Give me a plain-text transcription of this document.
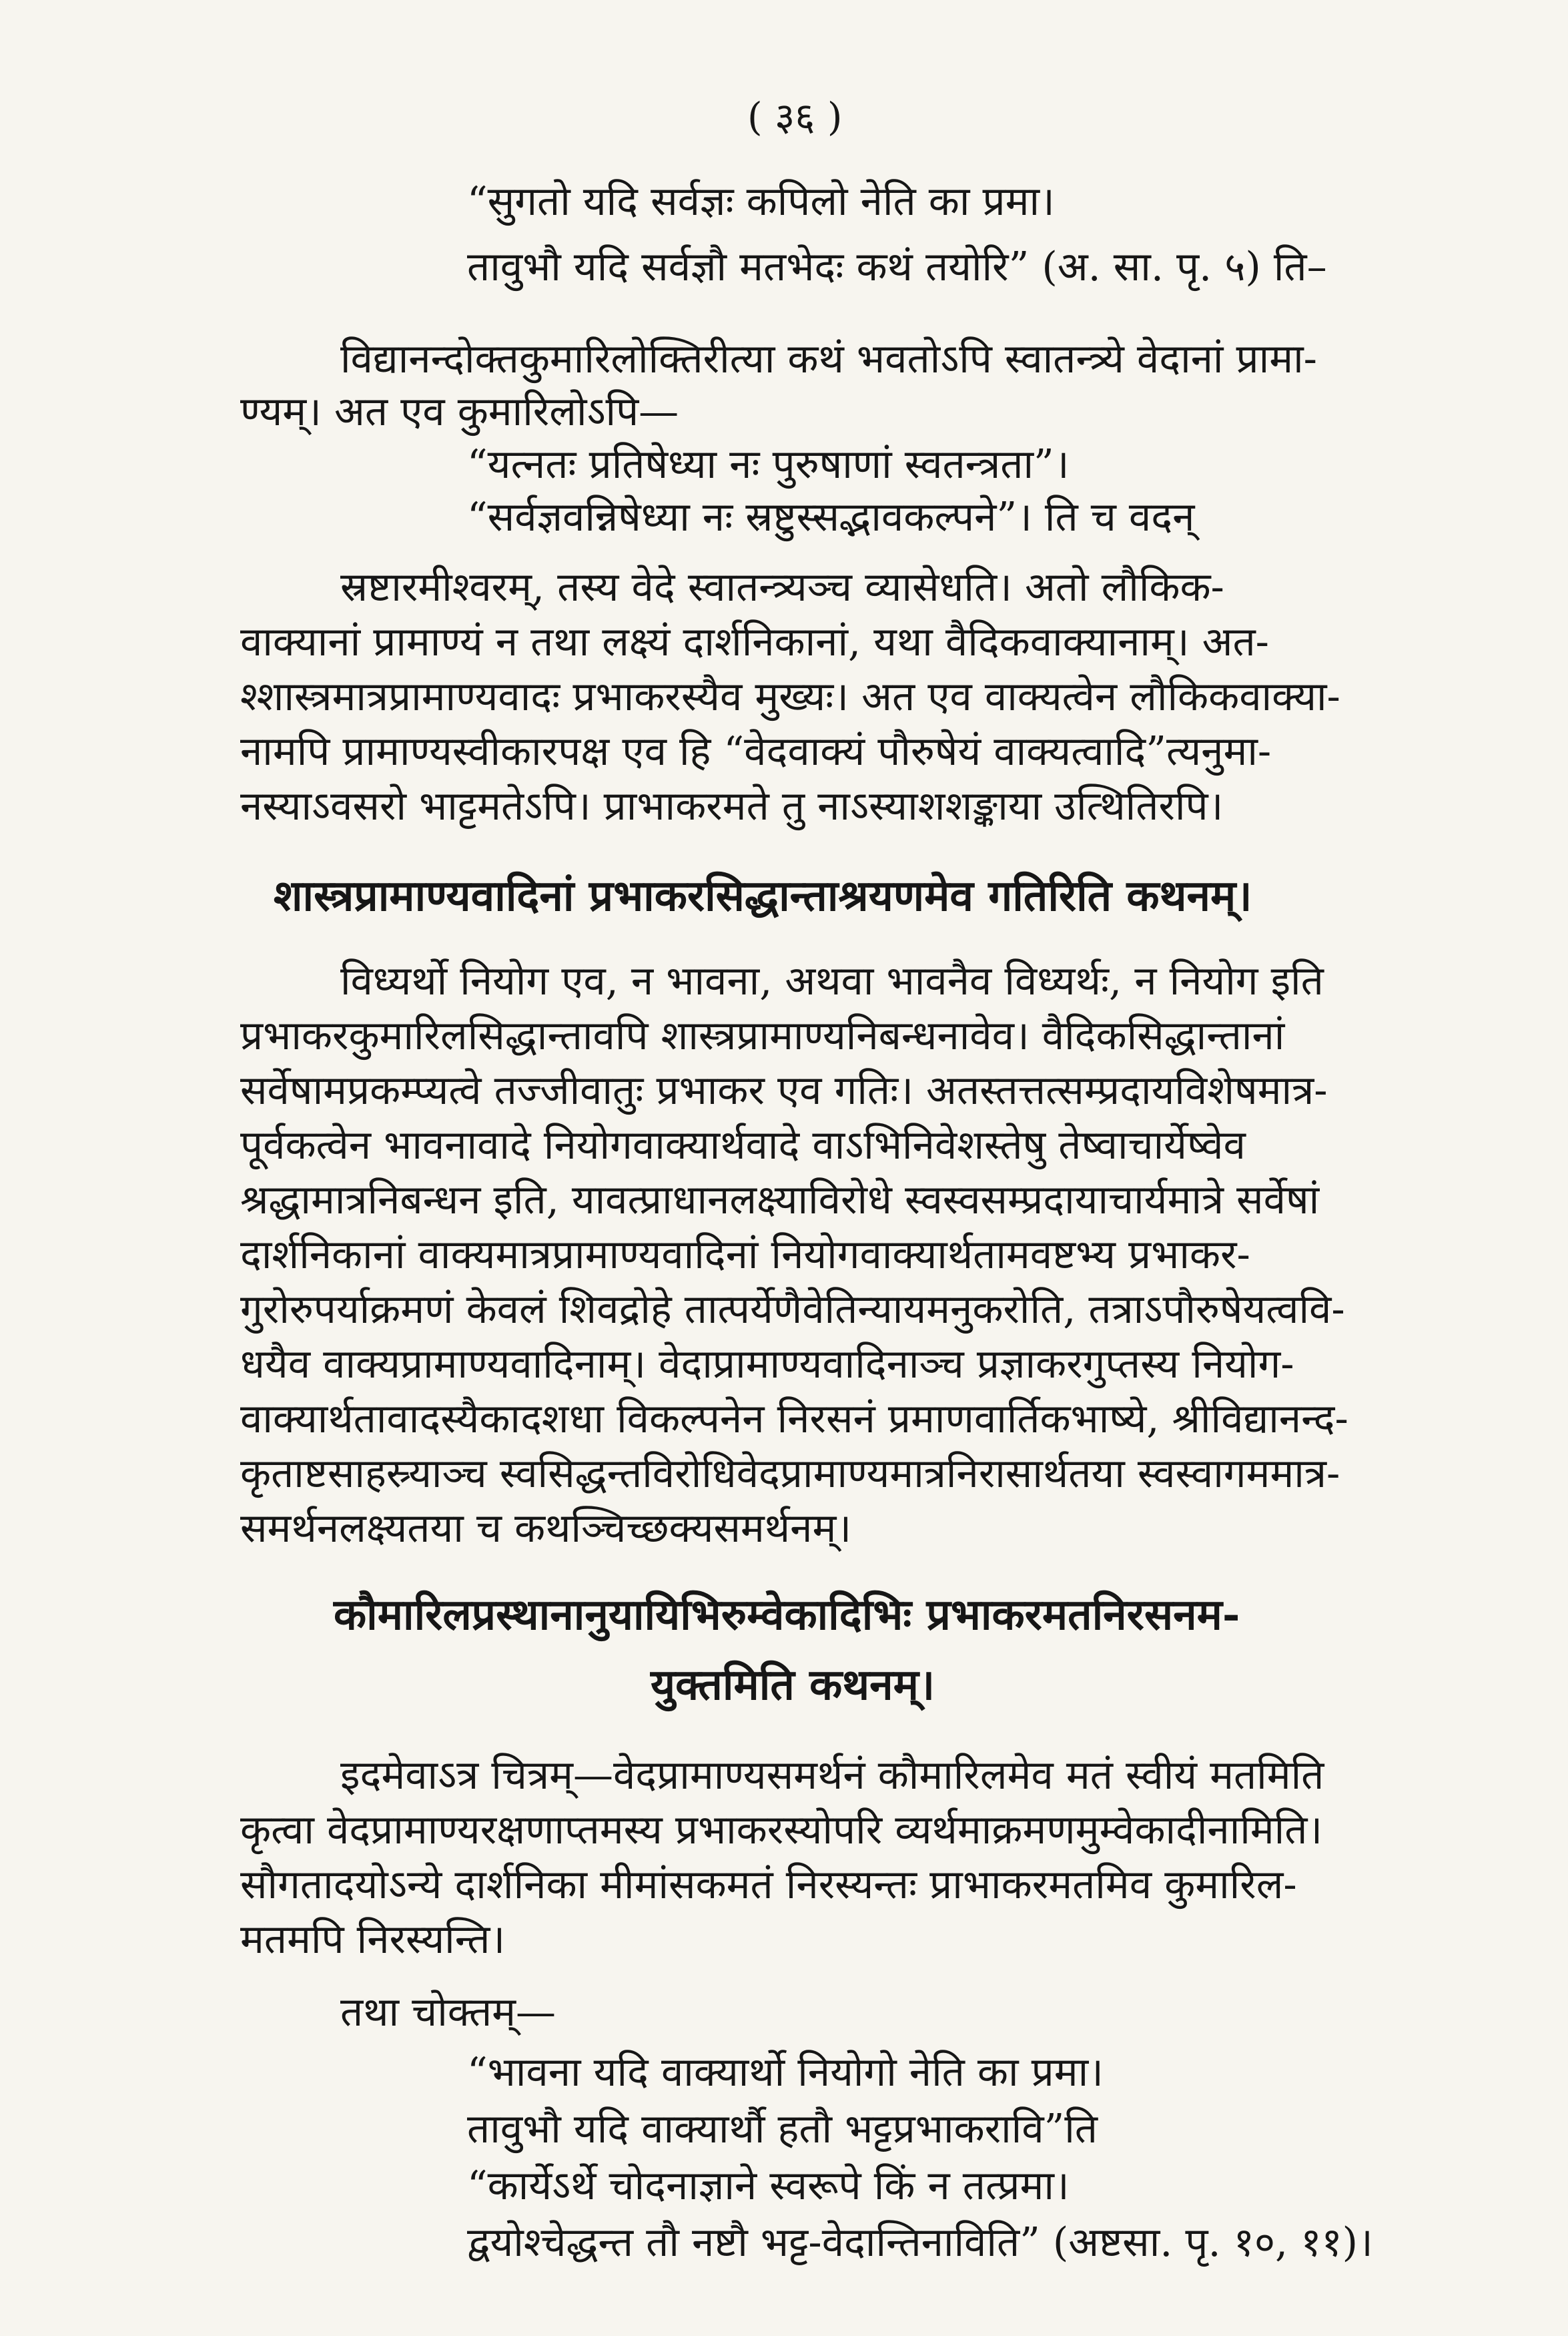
( ३६ )
“सुगतो यदि सर्वज्ञः कपिलो नेति का प्रमा।
तावुभौ यदि सर्वज्ञौ मतभेदः कथं तयोरि” (अ. सा. पृ. ५) ति–
विद्यानन्दोक्तकुमारिलोक्तिरीत्या कथं भवतोऽपि स्वातन्त्र्ये वेदानां प्रामा-
ण्यम्। अत एव कुमारिलोऽपि—
“यत्नतः प्रतिषेध्या नः पुरुषाणां स्वतन्त्रता”।
“सर्वज्ञवन्निषेध्या नः स्रष्टुस्सद्भावकल्पने”। ति च वदन्
स्रष्टारमीश्वरम्, तस्य वेदे स्वातन्त्र्यञ्च व्यासेधति। अतो लौकिक-
वाक्यानां प्रामाण्यं न तथा लक्ष्यं दार्शनिकानां, यथा वैदिकवाक्यानाम्। अत-
श्शास्त्रमात्रप्रामाण्यवादः प्रभाकरस्यैव मुख्यः। अत एव वाक्यत्वेन लौकिकवाक्या-
नामपि प्रामाण्यस्वीकारपक्ष एव हि “वेदवाक्यं पौरुषेयं वाक्यत्वादि”त्यनुमा-
नस्याऽवसरो भाट्टमतेऽपि। प्राभाकरमते तु नाऽस्याशशङ्काया उत्थितिरपि।
शास्त्रप्रामाण्यवादिनां प्रभाकरसिद्धान्ताश्रयणमेव गतिरिति कथनम्।
विध्यर्थो नियोग एव, न भावना, अथवा भावनैव विध्यर्थः, न नियोग इति
प्रभाकरकुमारिलसिद्धान्तावपि शास्त्रप्रामाण्यनिबन्धनावेव। वैदिकसिद्धान्तानां
सर्वेषामप्रकम्प्यत्वे तज्जीवातुः प्रभाकर एव गतिः। अतस्तत्तत्सम्प्रदायविशेषमात्र-
पूर्वकत्वेन भावनावादे नियोगवाक्यार्थवादे वाऽभिनिवेशस्तेषु तेष्वाचार्येष्वेव
श्रद्धामात्रनिबन्धन इति, यावत्प्राधानलक्ष्याविरोधे स्वस्वसम्प्रदायाचार्यमात्रे सर्वेषां
दार्शनिकानां वाक्यमात्रप्रामाण्यवादिनां नियोगवाक्यार्थतामवष्टभ्य प्रभाकर-
गुरोरुपर्याक्रमणं केवलं शिवद्रोहे तात्पर्येणैवेतिन्यायमनुकरोति, तत्राऽपौरुषेयत्ववि-
धयैव वाक्यप्रामाण्यवादिनाम्। वेदाप्रामाण्यवादिनाञ्च प्रज्ञाकरगुप्तस्य नियोग-
वाक्यार्थतावादस्यैकादशधा विकल्पनेन निरसनं प्रमाणवार्तिकभाष्ये, श्रीविद्यानन्द-
कृताष्टसाहस्र्याञ्च स्वसिद्धन्तविरोधिवेदप्रामाण्यमात्रनिरासार्थतया स्वस्वागममात्र-
समर्थनलक्ष्यतया च कथञ्चिच्छक्यसमर्थनम्।
कौमारिलप्रस्थानानुयायिभिरुम्वेकादिभिः प्रभाकरमतनिरसनम-
युक्तमिति कथनम्।
इदमेवाऽत्र चित्रम्—वेदप्रामाण्यसमर्थनं कौमारिलमेव मतं स्वीयं मतमिति
कृत्वा वेदप्रामाण्यरक्षणाप्तमस्य प्रभाकरस्योपरि व्यर्थमाक्रमणमुम्वेकादीनामिति।
सौगतादयोऽन्ये दार्शनिका मीमांसकमतं निरस्यन्तः प्राभाकरमतमिव कुमारिल-
मतमपि निरस्यन्ति।
तथा चोक्तम्—
“भावना यदि वाक्यार्थो नियोगो नेति का प्रमा।
तावुभौ यदि वाक्यार्थौ हतौ भट्टप्रभाकरावि”ति
“कार्येऽर्थे चोदनाज्ञाने स्वरूपे किं न तत्प्रमा।
द्वयोश्चेद्धन्त तौ नष्टौ भट्ट-वेदान्तिनाविति” (अष्टसा. पृ. १०, ११)।
